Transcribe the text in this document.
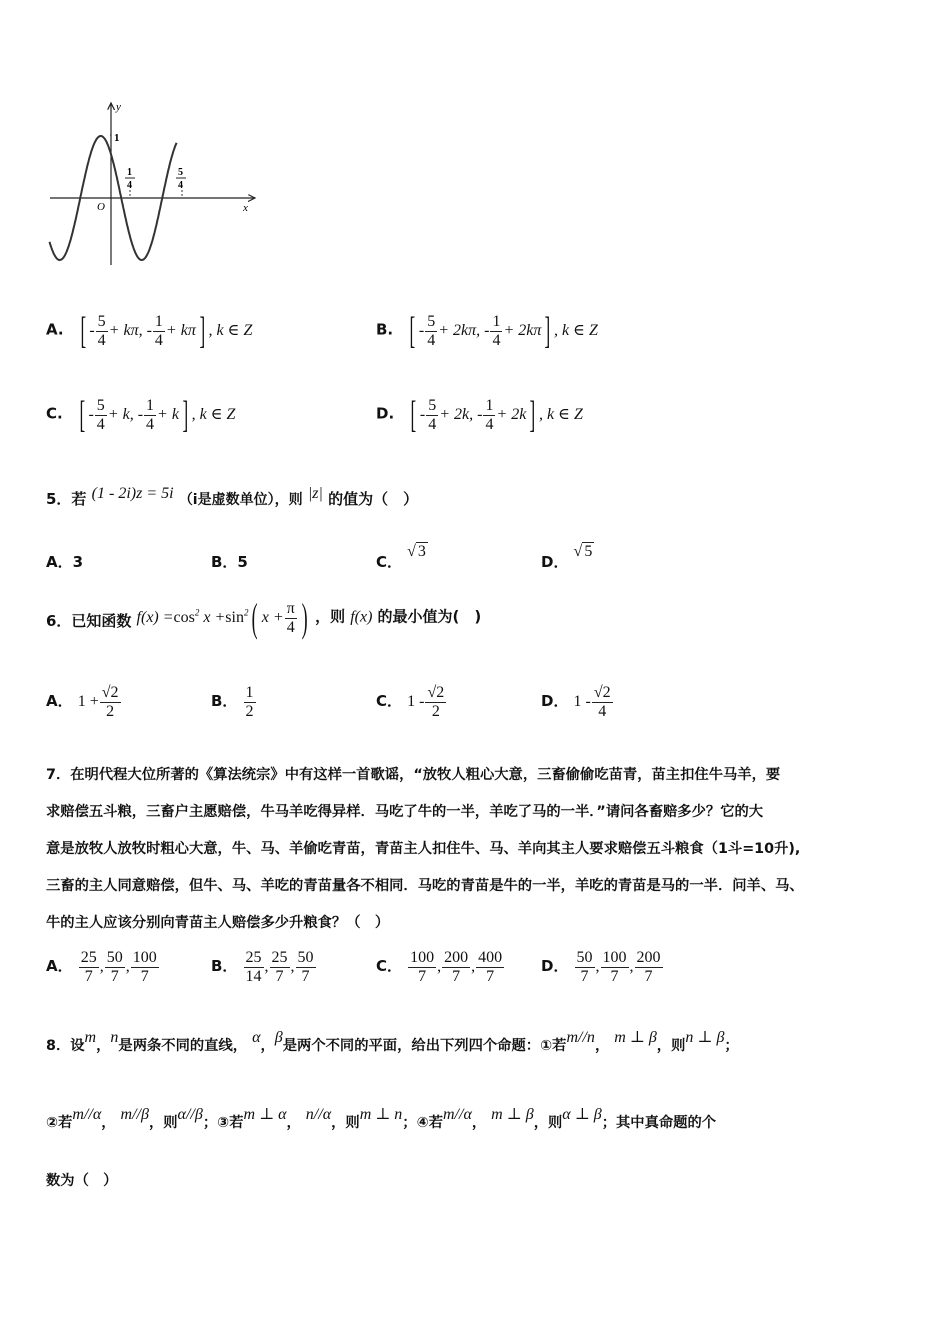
y
1
O	x
1
4
5
4
A. [ - $\frac{5}{4} + k\pi$, - $\frac{1}{4} + k\pi$] , k ∈ Z	B. [ - $\frac{5}{4} + 2k\pi$, - $\frac{1}{4} + 2k\pi$] , k ∈ Z
C. [ - $\frac{5}{4} + k$, - $\frac{1}{4} + k$] , k ∈ Z	D. [ - $\frac{5}{4} + 2k$, - $\frac{1}{4} + 2k$] , k ∈ Z
5．若 (1 - 2i)z = 5i （i是虚数单位），则 |z| 的值为（　）
A．3	B．5	C． √ 3
D． √ 5
6．已知函数 $f(x) =\cos^2$ $x +\sin^2$( $x + \frac{\pi}{4}$ ) ，则 f(x) 的最小值为(　)
A． $1 + \frac{√2}{2}$	B． $\frac{1}{2}$	C． $1 - \frac{√2}{2}$	D． $1 - \frac{√2}{4}$
7．在明代程大位所著的《算法统宗》中有这样一首歌谣，“放牧人粗心大意，三畜偷偷吃苗青，苗主扣住牛马羊，要
求赔偿五斗粮，三畜户主愿赔偿，牛马羊吃得异样．马吃了牛的一半，羊吃了马的一半．”请问各畜赔多少？它的大
意是放牧人放牧时粗心大意，牛、马、羊偷吃青苗，青苗主人扣住牛、马、羊向其主人要求赔偿五斗粮食（1斗=10升),
三畜的主人同意赔偿，但牛、马、羊吃的青苗量各不相同．马吃的青苗是牛的一半，羊吃的青苗是马的一半．问羊、马、
牛的主人应该分别向青苗主人赔偿多少升粮食？（　）
A． $\frac{25}{7}$ , $\frac{50}{7}$ , $\frac{100}{7}$	B． $\frac{25}{14}$ , $\frac{25}{7}$ , $\frac{50}{7}$	C． $\frac{100}{7}$ , $\frac{200}{7}$ , $\frac{400}{7}$ D． $\frac{50}{7}$ , $\frac{100}{7}$ , $\frac{200}{7}$
8．设m，n是两条不同的直线， α，β是两个不同的平面，给出下列四个命题：①若m//n， m ⊥ β，则n ⊥ β；
②若m//α， m//β，则α//β；③若m ⊥ α， n//α，则m ⊥ n；④若m//α， m ⊥ β，则α ⊥ β；其中真命题的个
数为（　）
